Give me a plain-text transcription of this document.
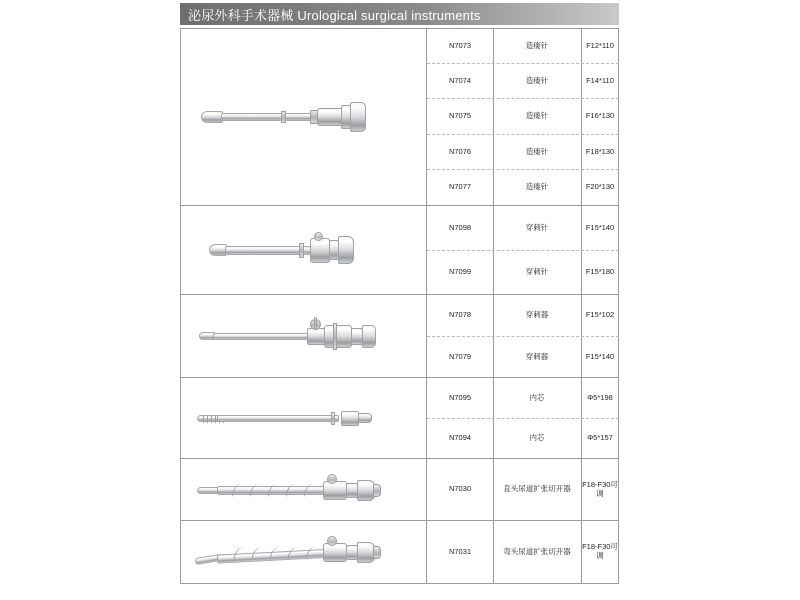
泌尿外科手术器械 Urological surgical instruments
N7073	造瘘针	F12*110
N7074	造瘘针	F14*110
N7075	造瘘针	F16*130
N7076	造瘘针	F18*130
N7077	造瘘针	F20*130
N7098	穿刺针	F15*140
N7099	穿刺针	F15*180
N7078	穿刺器	F15*102
N7079	穿刺器	F15*140
N7095	内芯	Φ5*198
N7094	内芯	Φ5*157
N7030	直头尿道扩张切开器	F18-F30可调
N7031	弯头尿道扩张切开器	F18-F30可调
